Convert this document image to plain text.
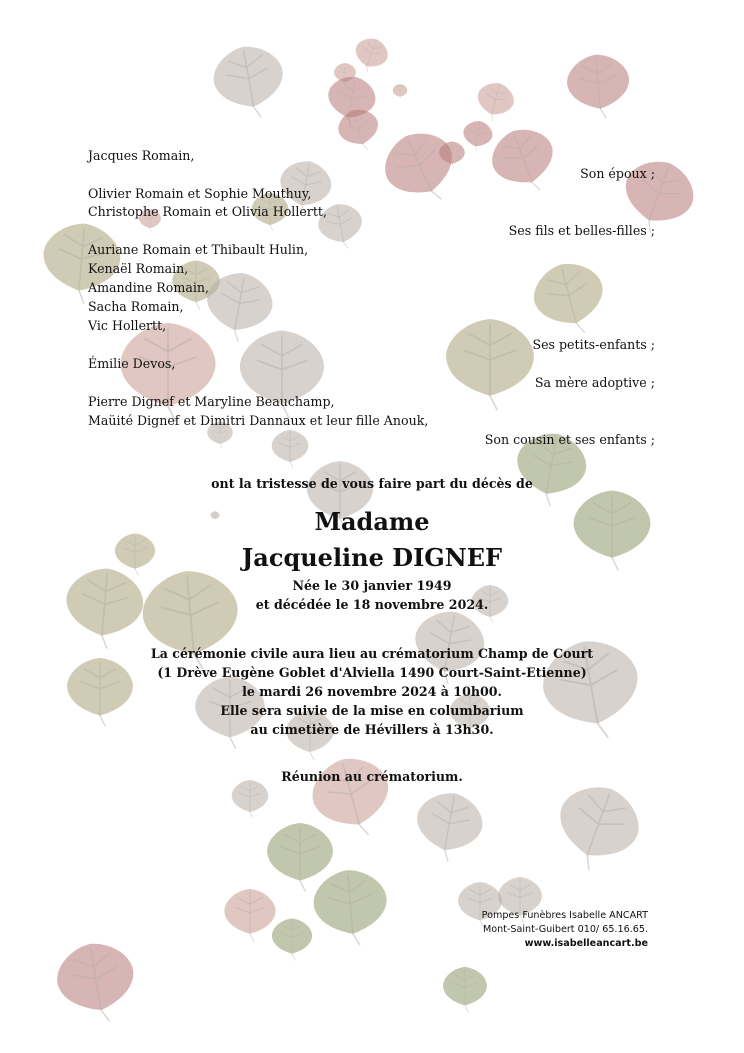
Jacques Romain,
Son époux ;
Olivier Romain et Sophie Mouthuy,
Christophe Romain et Olivia Hollertt,
Ses fils et belles-filles ;
Auriane Romain et Thibault Hulin,
Kenaël Romain,
Amandine Romain,
Sacha Romain,
Vic Hollertt,
Ses petits-enfants ;
Émilie Devos,
Sa mère adoptive ;
Pierre Dignef et Maryline Beauchamp,
Maüité Dignef et Dimitri Dannaux et leur fille Anouk,
Son cousin et ses enfants ;
ont la tristesse de vous faire part du décès de
Madame
Jacqueline DIGNEF
Née le 30 janvier 1949
et décédée le 18 novembre 2024.
La cérémonie civile aura lieu au crématorium Champ de Court
(1 Drève Eugène Goblet d'Alviella 1490 Court-Saint-Etienne)
le mardi 26 novembre 2024 à 10h00.
Elle sera suivie de la mise en columbarium
au cimetière de Hévillers à 13h30.
Réunion au crématorium.
Pompes Funèbres Isabelle ANCART
Mont-Saint-Guibert 010/ 65.16.65.
www.isabelleancart.be
